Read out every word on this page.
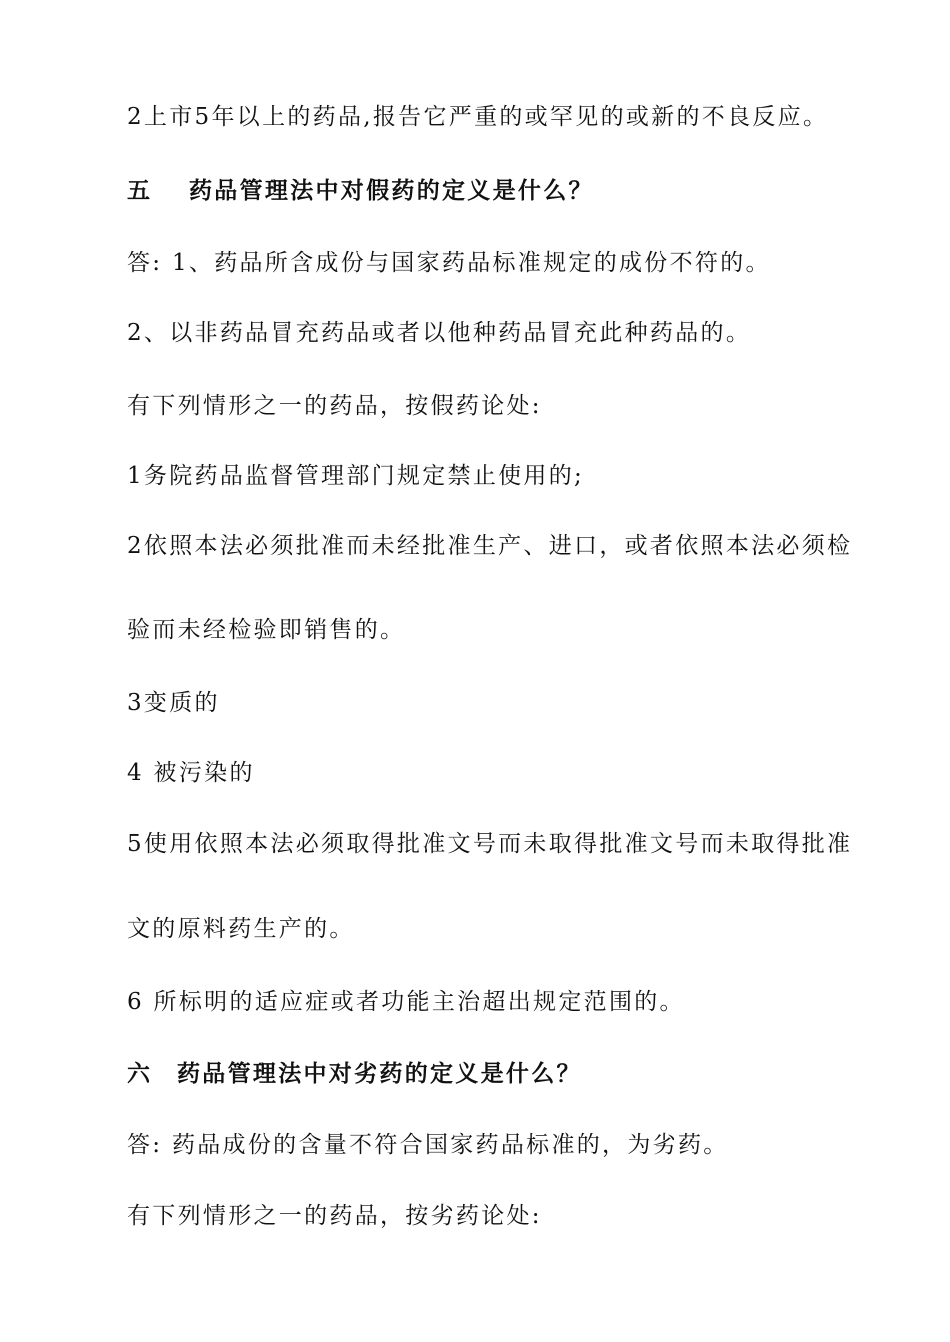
2上市5年以上的药品,报告它严重的或罕见的或新的不良反应。
五 药品管理法中对假药的定义是什么？
答: 1、药品所含成份与国家药品标准规定的成份不符的。
2、以非药品冒充药品或者以他种药品冒充此种药品的。
有下列情形之一的药品，按假药论处:
1务院药品监督管理部门规定禁止使用的;
2依照本法必须批准而未经批准生产、进口，或者依照本法必须检
验而未经检验即销售的。
3变质的
4 被污染的
5使用依照本法必须取得批准文号而未取得批准文号而未取得批准
文的原料药生产的。
6 所标明的适应症或者功能主治超出规定范围的。
六 药品管理法中对劣药的定义是什么？
答: 药品成份的含量不符合国家药品标准的，为劣药。
有下列情形之一的药品，按劣药论处:
